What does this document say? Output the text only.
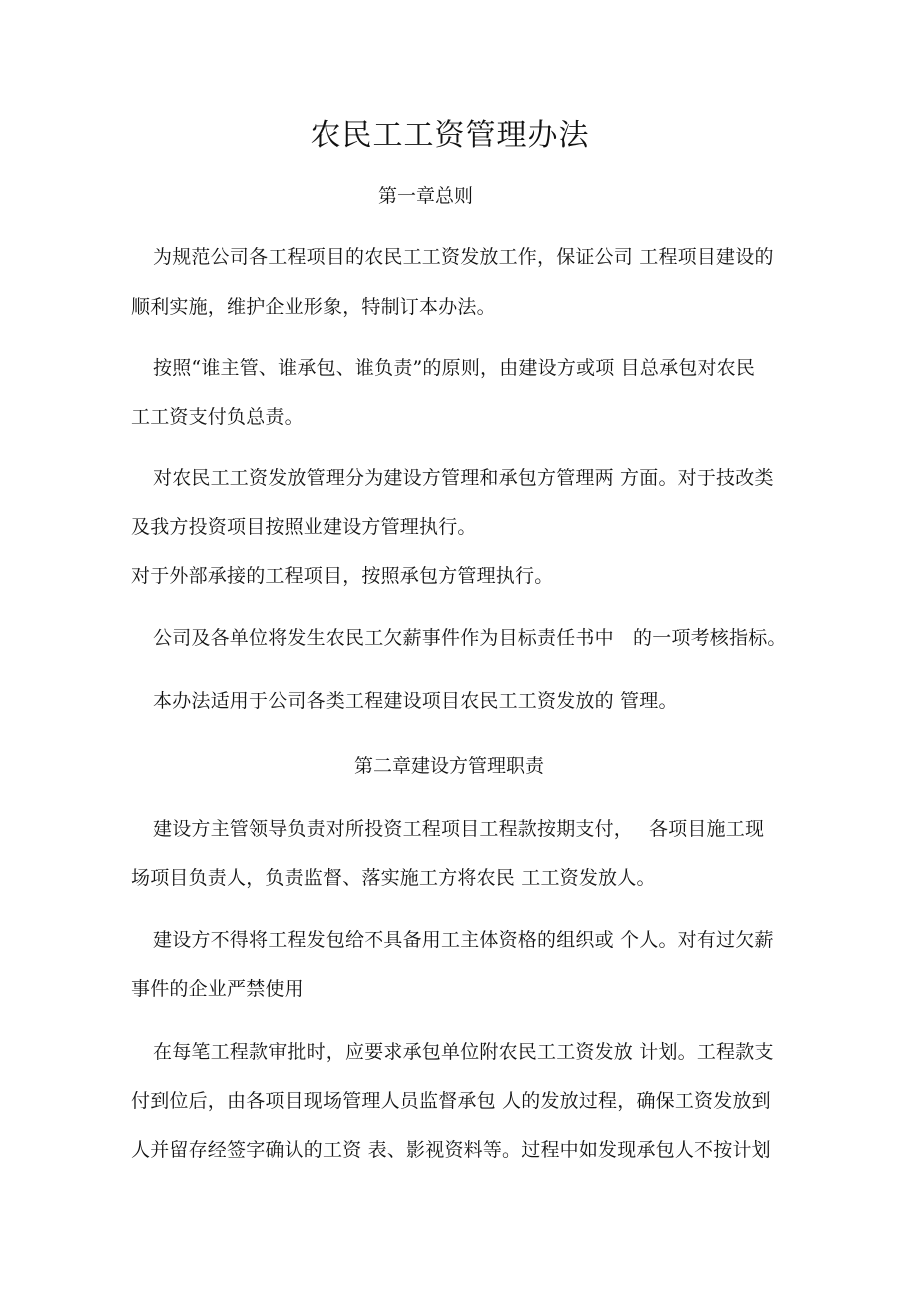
农民工工资管理办法
第一章总则
为规范公司各工程项目的农民工工资发放工作，保证公司 工程项目建设的
顺利实施，维护企业形象，特制订本办法。
按照“谁主管、谁承包、谁负责”的原则，由建设方或项 目总承包对农民
工工资支付负总责。
对农民工工资发放管理分为建设方管理和承包方管理两 方面。对于技改类
及我方投资项目按照业建设方管理执行。
对于外部承接的工程项目，按照承包方管理执行。
公司及各单位将发生农民工欠薪事件作为目标责任书中　的一项考核指标。
本办法适用于公司各类工程建设项目农民工工资发放的 管理。
第二章建设方管理职责
建设方主管领导负责对所投资工程项目工程款按期支付，　 各项目施工现
场项目负责人，负责监督、落实施工方将农民 工工资发放人。
建设方不得将工程发包给不具备用工主体资格的组织或 个人。对有过欠薪
事件的企业严禁使用
在每笔工程款审批时，应要求承包单位附农民工工资发放 计划。工程款支
付到位后，由各项目现场管理人员监督承包 人的发放过程，确保工资发放到
人并留存经签字确认的工资 表、影视资料等。过程中如发现承包人不按计划
